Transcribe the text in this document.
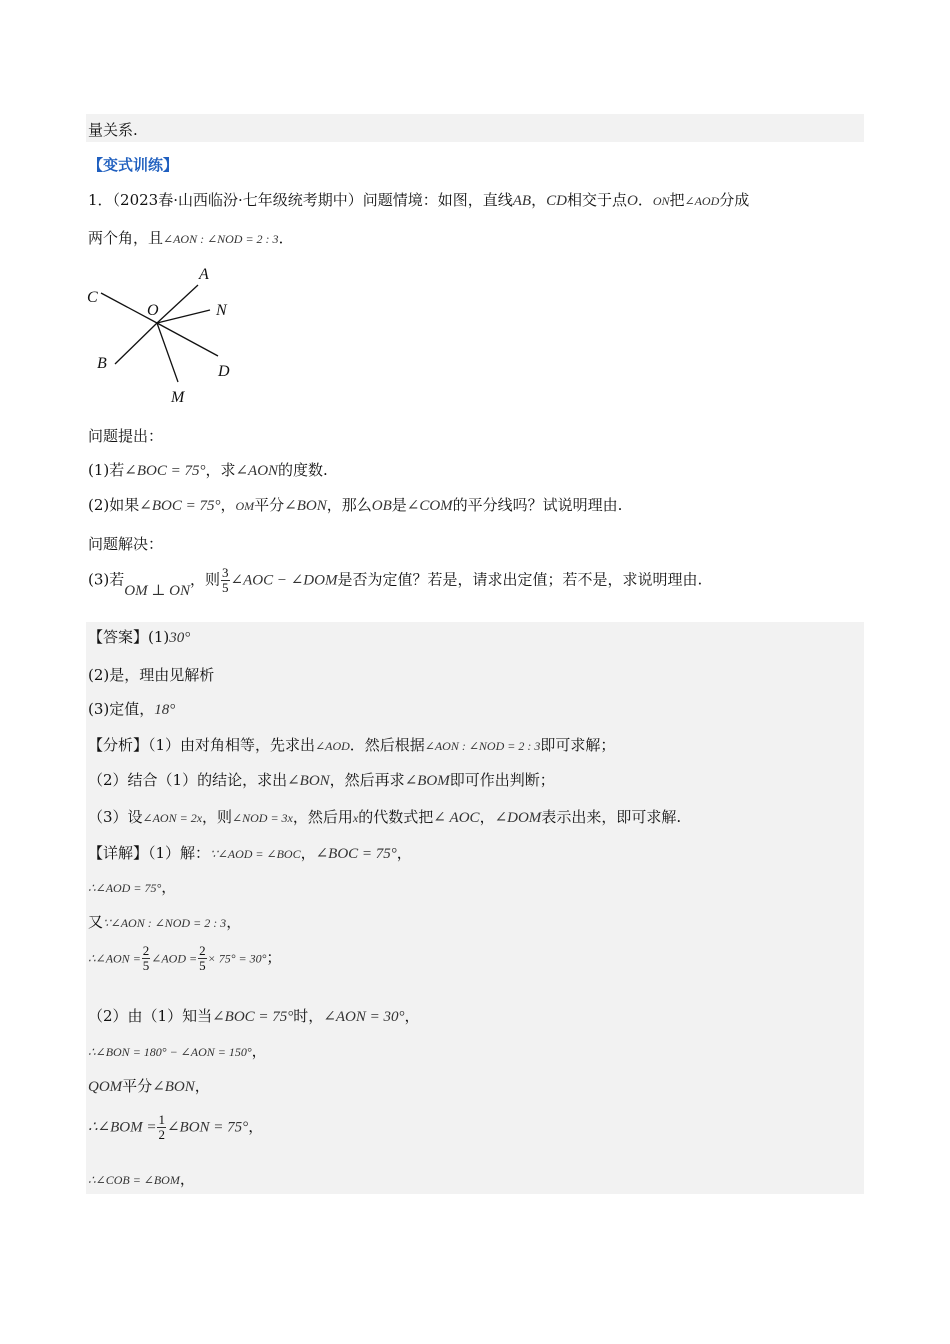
量关系.
【变式训练】
1．（2023春·山西临汾·七年级统考期中）问题情境：如图，直线AB，CD相交于点O．ON把∠AOD分成
两个角，且∠AON : ∠NOD = 2 : 3．
A
N
C
O
B	D
M
问题提出：
(1)若∠BOC = 75°，求∠AON的度数.
(2)如果∠BOC = 75°，OM平分∠BON，那么OB是∠COM的平分线吗？试说明理由.
问题解决：
(3)若OM ⊥ ON，则 $\frac{3}{5}$ ∠AOC − ∠DOM是否为定值？若是，请求出定值；若不是，求说明理由.
【答案】(1)30°
(2)是，理由见解析
(3)定值，18°
【分析】（1）由对角相等，先求出∠AOD．然后根据∠AON : ∠NOD = 2 : 3即可求解；
（2）结合（1）的结论，求出∠BON，然后再求∠BOM即可作出判断；
（3）设∠AON = 2x，则∠NOD = 3x，然后用x的代数式把∠ AOC，∠DOM表示出来，即可求解.
【详解】（1）解：∵∠AOD = ∠BOC，∠BOC = 75°，
∴∠AOD = 75°，
又∵∠AON : ∠NOD = 2 : 3，
∴∠AON = $\frac{2}{5}$ ∠AOD = $\frac{2}{5} \times 75^\circ = 30^\circ$；
（2）由（1）知当∠BOC = 75°时，∠AON = 30°，
∴∠BON = 180° − ∠AON = 150°，
QOM平分∠BON，
∴∠BOM = $\frac{1}{2}$ ∠BON = 75°，
∴∠COB = ∠BOM，
